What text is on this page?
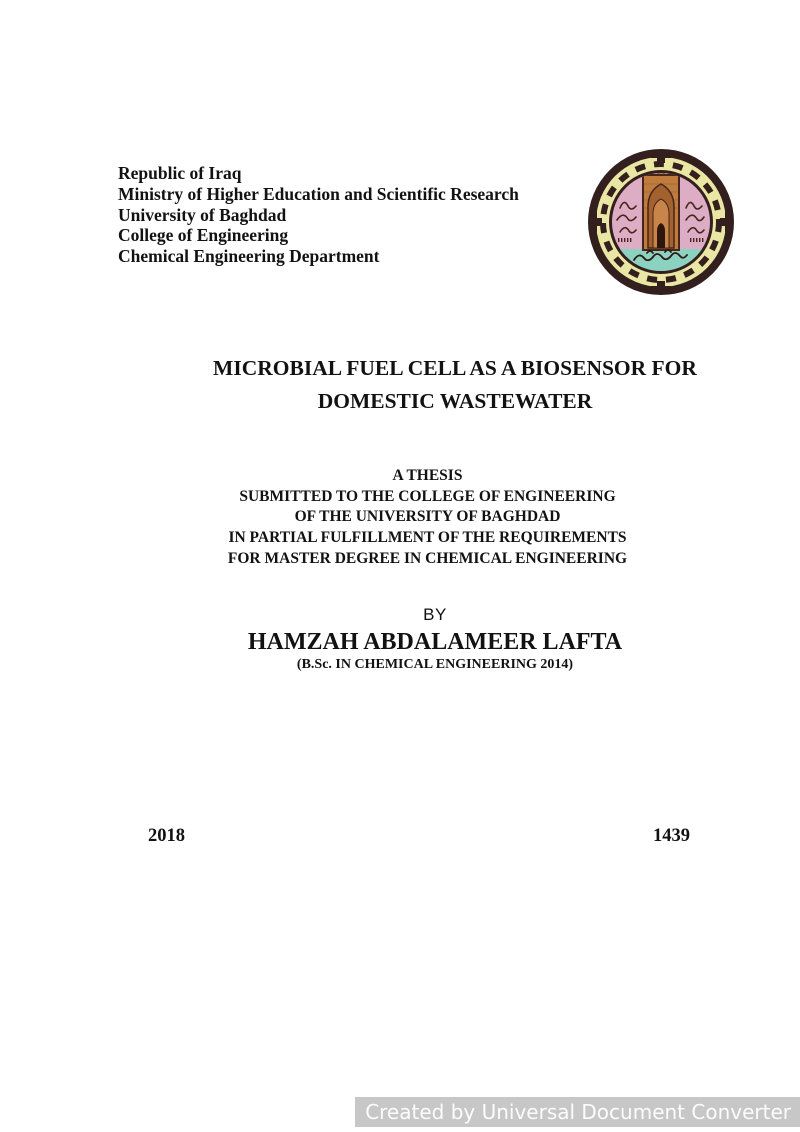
Republic of Iraq
Ministry of Higher Education and Scientific Research
University of Baghdad
College of Engineering
Chemical Engineering Department
MICROBIAL FUEL CELL AS A BIOSENSOR FOR
DOMESTIC WASTEWATER
A THESIS
SUBMITTED TO THE COLLEGE OF ENGINEERING
OF THE UNIVERSITY OF BAGHDAD
IN PARTIAL FULFILLMENT OF THE REQUIREMENTS
FOR MASTER DEGREE IN CHEMICAL ENGINEERING
BY
HAMZAH ABDALAMEER LAFTA
(B.Sc. IN CHEMICAL ENGINEERING 2014)
2018	1439
Created by Universal Document Converter
